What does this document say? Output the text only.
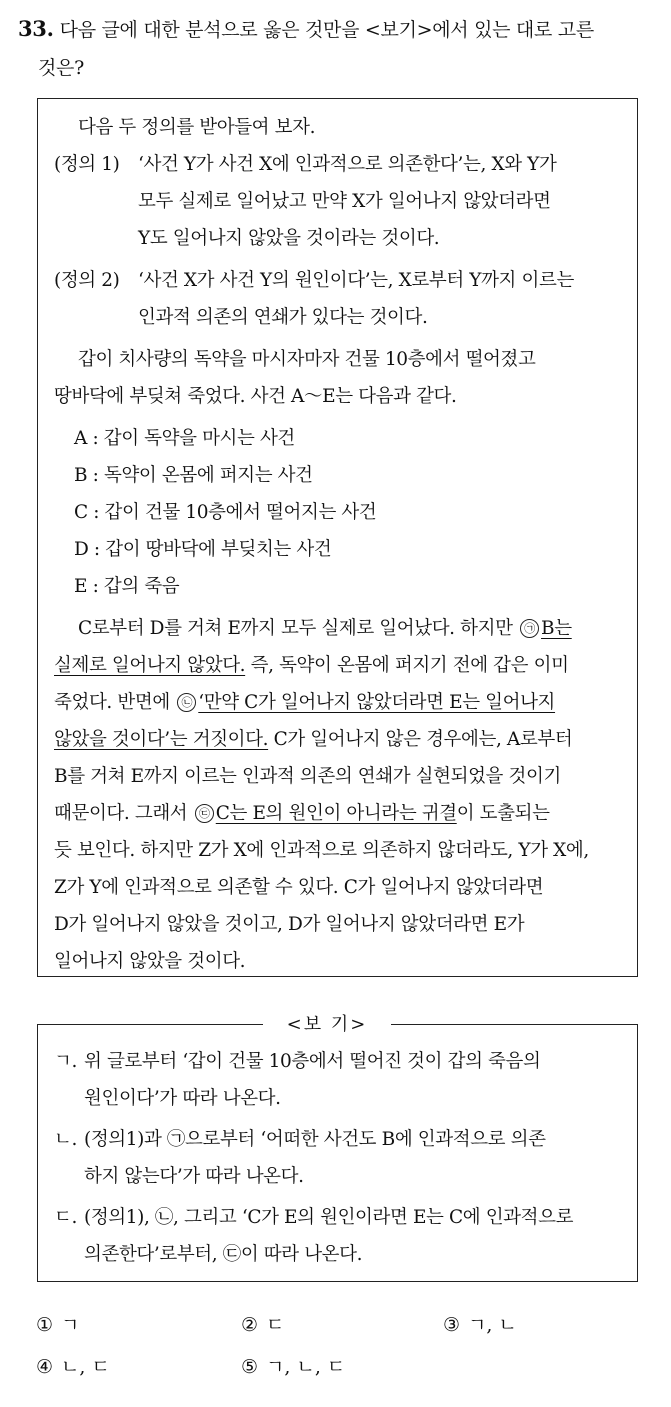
33. 다음 글에 대한 분석으로 옳은 것만을 <보기>에서 있는 대로 고른
것은?
다음 두 정의를 받아들여 보자.
(정의 1) ‘사건 Y가 사건 X에 인과적으로 의존한다’는, X와 Y가
모두 실제로 일어났고 만약 X가 일어나지 않았더라면
Y도 일어나지 않았을 것이라는 것이다.
(정의 2) ‘사건 X가 사건 Y의 원인이다’는, X로부터 Y까지 이르는
인과적 의존의 연쇄가 있다는 것이다.
갑이 치사량의 독약을 마시자마자 건물 10층에서 떨어졌고
땅바닥에 부딪쳐 죽었다. 사건 A～E는 다음과 같다.
A : 갑이 독약을 마시는 사건
B : 독약이 온몸에 퍼지는 사건
C : 갑이 건물 10층에서 떨어지는 사건
D : 갑이 땅바닥에 부딪치는 사건
E : 갑의 죽음
C로부터 D를 거쳐 E까지 모두 실제로 일어났다. 하지만 ㉠ B는
실제로 일어나지 않았다. 즉, 독약이 온몸에 퍼지기 전에 갑은 이미
죽었다. 반면에 ㉡ ‘만약 C가 일어나지 않았더라면 E는 일어나지
않았을 것이다’는 거짓이다. C가 일어나지 않은 경우에는, A로부터
B를 거쳐 E까지 이르는 인과적 의존의 연쇄가 실현되었을 것이기
때문이다. 그래서 ㉢ C는 E의 원인이 아니라는 귀결이 도출되는
듯 보인다. 하지만 Z가 X에 인과적으로 의존하지 않더라도, Y가 X에,
Z가 Y에 인과적으로 의존할 수 있다. C가 일어나지 않았더라면
D가 일어나지 않았을 것이고, D가 일어나지 않았더라면 E가
일어나지 않았을 것이다.
ㄱ. 위 글로부터 ‘갑이 건물 10층에서 떨어진 것이 갑의 죽음의
원인이다’가 따라 나온다.
ㄴ. (정의1)과 ㉠으로부터 ‘어떠한 사건도 B에 인과적으로 의존
하지 않는다’가 따라 나온다.
ㄷ. (정의1), ㉡, 그리고 ‘C가 E의 원인이라면 E는 C에 인과적으로
의존한다’로부터, ㉢이 따라 나온다.
<보 기>
① ㄱ	② ㄷ	③ ㄱ, ㄴ
④ ㄴ, ㄷ	⑤ ㄱ, ㄴ, ㄷ
